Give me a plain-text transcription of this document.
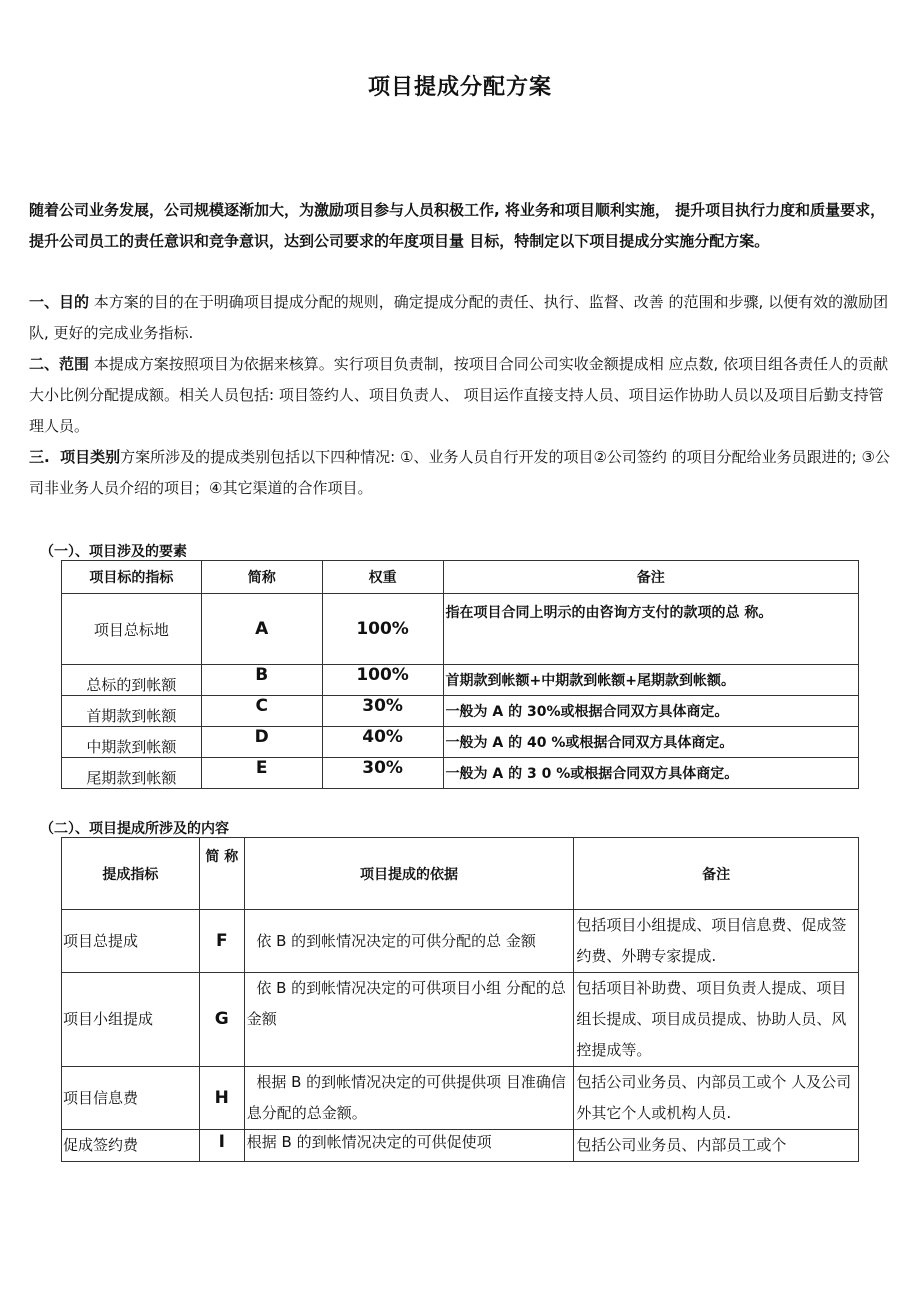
项目提成分配方案
随着公司业务发展，公司规模逐渐加大，为激励项目参与人员积极工作, 将业务和项目顺利实施， 提升项目执行力度和质量要求，提升公司员工的责任意识和竞争意识，达到公司要求的年度项目量 目标，特制定以下项目提成分实施分配方案。
一、目的 本方案的目的在于明确项目提成分配的规则，确定提成分配的责任、执行、监督、改善 的范围和步骤, 以便有效的激励团队, 更好的完成业务指标.
二、范围 本提成方案按照项目为依据来核算。实行项目负责制，按项目合同公司实收金额提成相 应点数, 依项目组各责任人的贡献大小比例分配提成额。相关人员包括: 项目签约人、项目负责人、 项目运作直接支持人员、项目运作协助人员以及项目后勤支持管理人员。
三.  项目类别方案所涉及的提成类别包括以下四种情况: ①、业务人员自行开发的项目②公司签约 的项目分配给业务员跟进的; ③公司非业务人员介绍的项目；④其它渠道的合作项目。
（一）、项目涉及的要素
项目标的指标	简称	权重	备注
项目总标地	A	100%	指在项目合同上明示的由咨询方支付的款项的总 称。
总标的到帐额	B	100%	首期款到帐额+中期款到帐额+尾期款到帐额。
首期款到帐额	C	30%	一般为 A 的 30%或根据合同双方具体商定。
中期款到帐额	D	40%	一般为 A 的 40 %或根据合同双方具体商定。
尾期款到帐额	E	30%	一般为 A 的 3 0 %或根据合同双方具体商定。
（二）、项目提成所涉及的内容
提成指标	简 称	项目提成的依据	备注
项目总提成	F	依 B 的到帐情况决定的可供分配的总 金额	包括项目小组提成、项目信息费、促成签约费、外聘专家提成.
项目小组提成	G	依 B 的到帐情况决定的可供项目小组 分配的总金额	包括项目补助费、项目负责人提成、项目组长提成、项目成员提成、协助人员、风控提成等。
项目信息费	H	根据 B 的到帐情况决定的可供提供项 目准确信息分配的总金额。	包括公司业务员、内部员工或个 人及公司外其它个人或机构人员.
促成签约费	I	根据 B 的到帐情况决定的可供促使项	包括公司业务员、内部员工或个
